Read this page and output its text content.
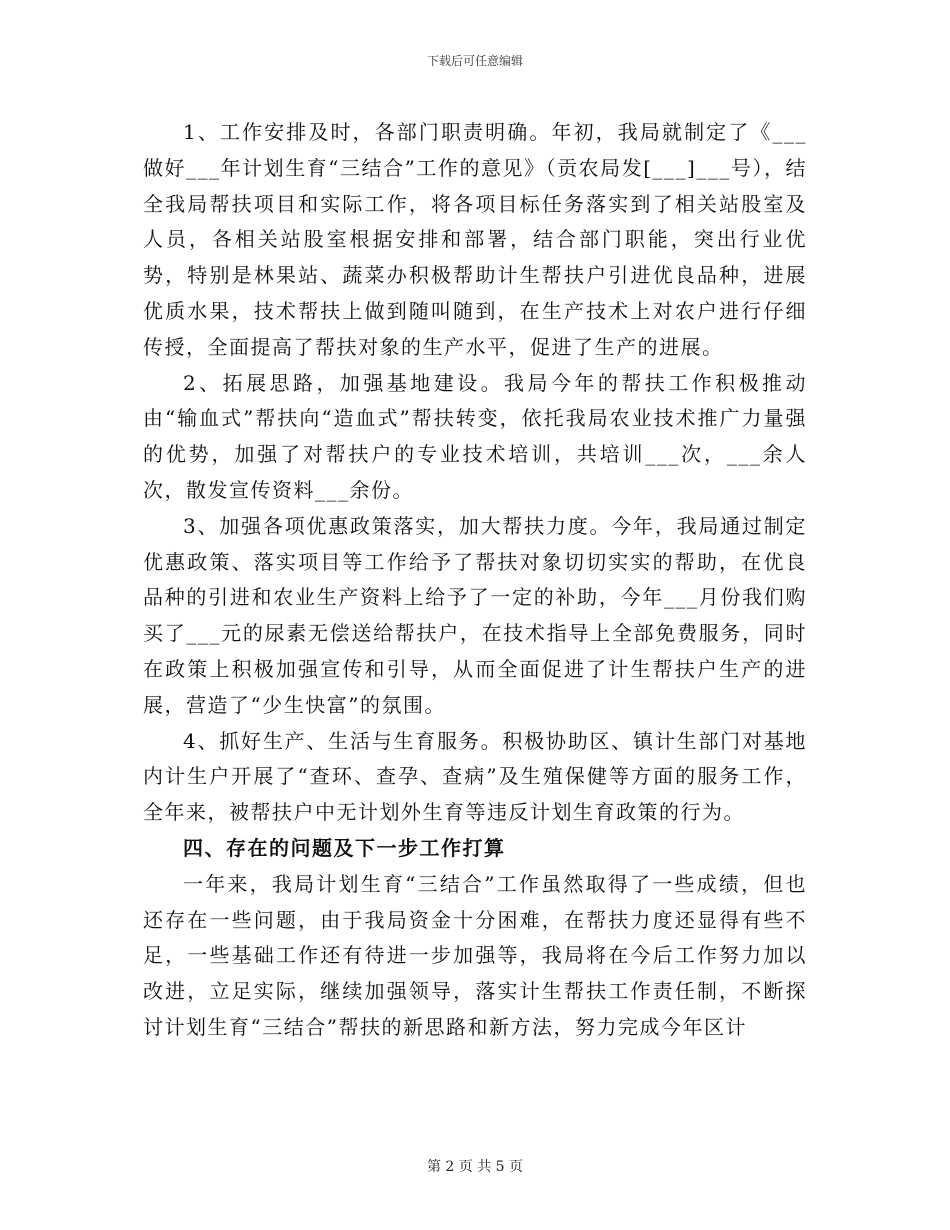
下载后可任意编辑

1、工作安排及时，各部门职责明确。年初，我局就制定了《___做好___年计划生育“三结合”工作的意见》（贡农局发[___]___号），结全我局帮扶项目和实际工作，将各项目标任务落实到了相关站股室及人员，各相关站股室根据安排和部署，结合部门职能，突出行业优势，特别是林果站、蔬菜办积极帮助计生帮扶户引进优良品种，进展优质水果，技术帮扶上做到随叫随到，在生产技术上对农户进行仔细传授，全面提高了帮扶对象的生产水平，促进了生产的进展。

2、拓展思路，加强基地建设。我局今年的帮扶工作积极推动由“输血式”帮扶向“造血式”帮扶转变，依托我局农业技术推广力量强的优势，加强了对帮扶户的专业技术培训，共培训___次，___余人次，散发宣传资料___余份。

3、加强各项优惠政策落实，加大帮扶力度。今年，我局通过制定优惠政策、落实项目等工作给予了帮扶对象切切实实的帮助，在优良品种的引进和农业生产资料上给予了一定的补助，今年___月份我们购买了___元的尿素无偿送给帮扶户，在技术指导上全部免费服务，同时在政策上积极加强宣传和引导，从而全面促进了计生帮扶户生产的进展，营造了“少生快富”的氛围。

4、抓好生产、生活与生育服务。积极协助区、镇计生部门对基地内计生户开展了“查环、查孕、查病”及生殖保健等方面的服务工作，全年来，被帮扶户中无计划外生育等违反计划生育政策的行为。

四、存在的问题及下一步工作打算

一年来，我局计划生育“三结合”工作虽然取得了一些成绩，但也还存在一些问题，由于我局资金十分困难，在帮扶力度还显得有些不足，一些基础工作还有待进一步加强等，我局将在今后工作努力加以改进，立足实际，继续加强领导，落实计生帮扶工作责任制，不断探讨计划生育“三结合”帮扶的新思路和新方法，努力完成今年区计

第 2 页 共 5 页
